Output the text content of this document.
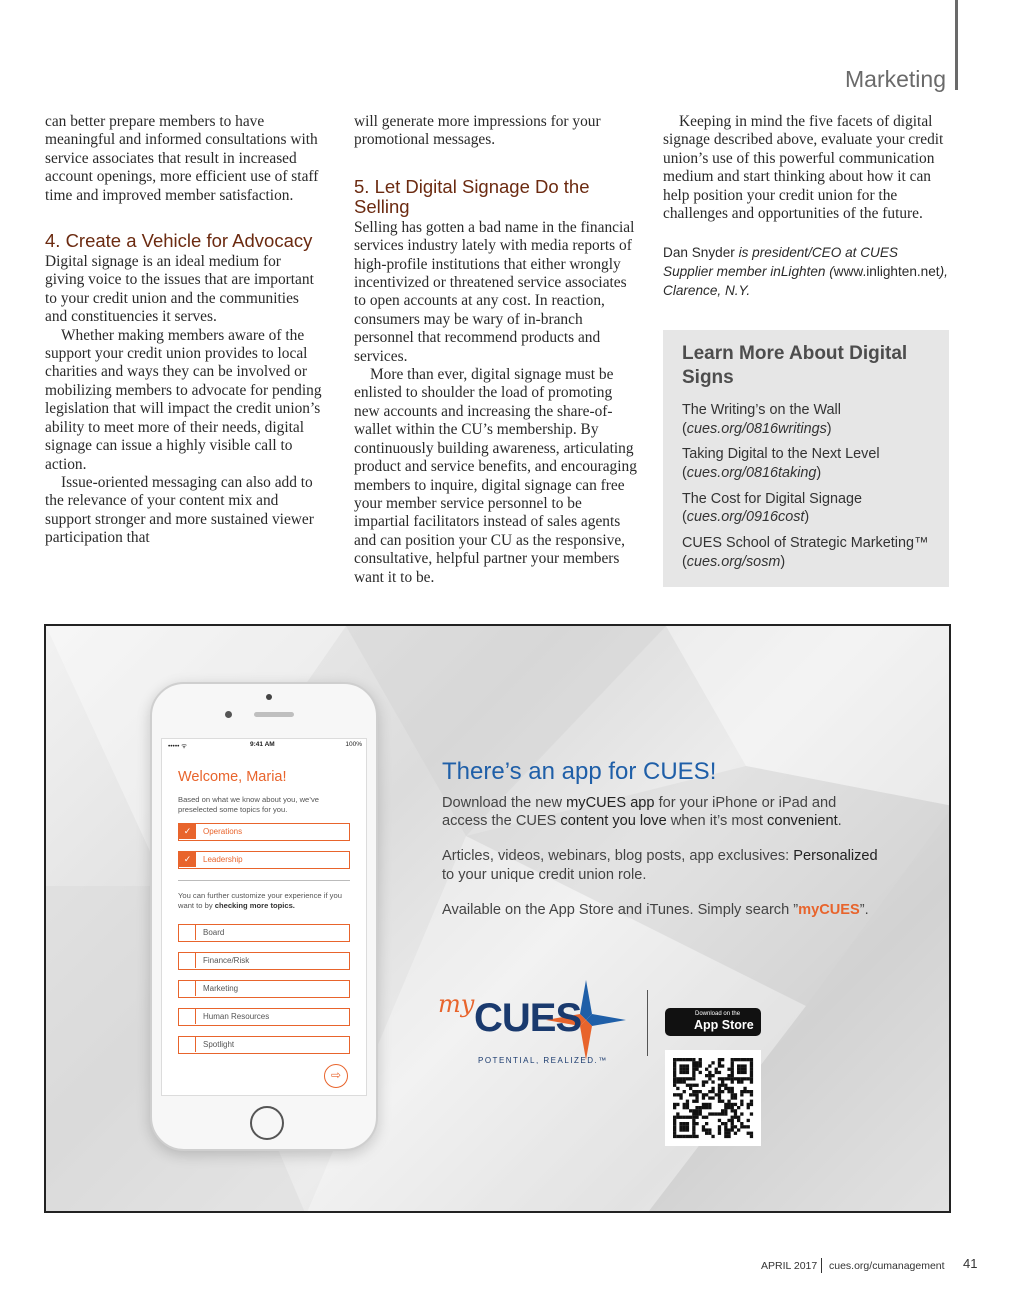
Marketing

can better prepare members to have meaningful and informed consultations with service associates that result in increased account openings, more efficient use of staff time and improved member satisfaction.

4. Create a Vehicle for Advocacy

Digital signage is an ideal medium for giving voice to the issues that are important to your credit union and the communities and constituencies it serves.

Whether making members aware of the support your credit union provides to local charities and ways they can be involved or mobilizing members to advocate for pending legislation that will impact the credit union’s ability to meet more of their needs, digital signage can issue a highly visible call to action.

Issue-oriented messaging can also add to the relevance of your content mix and support stronger and more sustained viewer participation that

will generate more impressions for your promotional messages.

5. Let Digital Signage Do the Selling

Selling has gotten a bad name in the financial services industry lately with media reports of high-profile institutions that either wrongly incentivized or threatened service associates to open accounts at any cost. In reaction, consumers may be wary of in-branch personnel that recommend products and services.

More than ever, digital signage must be enlisted to shoulder the load of promoting new accounts and increasing the share-of-wallet within the CU’s membership. By continuously building awareness, articulating product and service benefits, and encouraging members to inquire, digital signage can free your member service personnel to be impartial facilitators instead of sales agents and can position your CU as the responsive, consultative, helpful partner your members want it to be.

Keeping in mind the five facets of digital signage described above, evaluate your credit union’s use of this powerful communication medium and start thinking about how it can help position your credit union for the challenges and opportunities of the future.

Dan Snyder is president/CEO at CUES Supplier member inLighten (www.inlighten.net), Clarence, N.Y.
Learn More About Digital Signs
The Writing’s on the Wall
(cues.org/0816writings)
Taking Digital to the Next Level
(cues.org/0816taking)
The Cost for Digital Signage
(cues.org/0916cost)
CUES School of Strategic Marketing™ (cues.org/sosm)
••••• ᯤ	9:41 AM	100%
Welcome, Maria!
Based on what we know about you, we’ve preselected some topics for you.
✓	Operations
✓	Leadership
You can further customize your experience if you want to by checking more topics.
Board
Finance/Risk
Marketing
Human Resources
Spotlight
⇨
There’s an app for CUES!

Download the new myCUES app for your iPhone or iPad and access the CUES content you love when it’s most convenient.

Articles, videos, webinars, blog posts, app exclusives: Personalized to your unique credit union role.

Available on the App Store and iTunes. Simply search ”myCUES”.

my CUES
POTENTIAL, REALIZED.™
Download on the
App Store
APRIL 2017 cues.org/cumanagement 41
